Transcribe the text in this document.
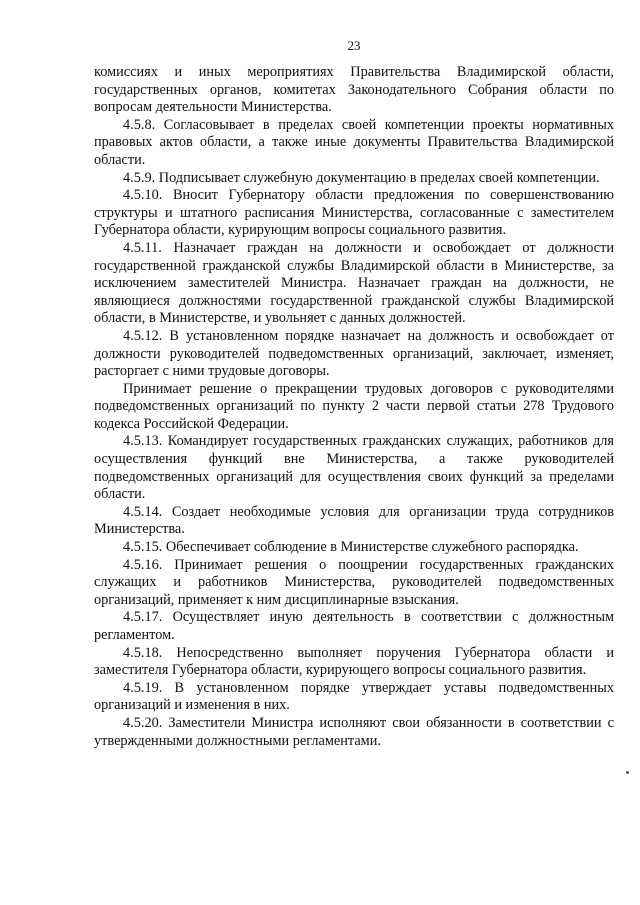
23

комиссиях и иных мероприятиях Правительства Владимирской области, государственных органов, комитетах Законодательного Собрания области по вопросам деятельности Министерства.

4.5.8. Согласовывает в пределах своей компетенции проекты нормативных правовых актов области, а также иные документы Правительства Владимирской области.

4.5.9. Подписывает служебную документацию в пределах своей компетенции.

4.5.10. Вносит Губернатору области предложения по совершенствованию структуры и штатного расписания Министерства, согласованные с заместителем Губернатора области, курирующим вопросы социального развития.

4.5.11. Назначает граждан на должности и освобождает от должности государственной гражданской службы Владимирской области в Министерстве, за исключением заместителей Министра. Назначает граждан на должности, не являющиеся должностями государственной гражданской службы Владимирской области, в Министерстве, и увольняет с данных должностей.

4.5.12. В установленном порядке назначает на должность и освобождает от должности руководителей подведомственных организаций, заключает, изменяет, расторгает с ними трудовые договоры.

Принимает решение о прекращении трудовых договоров с руководителями подведомственных организаций по пункту 2 части первой статьи 278 Трудового кодекса Российской Федерации.

4.5.13. Командирует государственных гражданских служащих, работников для осуществления функций вне Министерства, а также руководителей подведомственных организаций для осуществления своих функций за пределами области.

4.5.14. Создает необходимые условия для организации труда сотрудников Министерства.

4.5.15. Обеспечивает соблюдение в Министерстве служебного распорядка.

4.5.16. Принимает решения о поощрении государственных гражданских служащих и работников Министерства, руководителей подведомственных организаций, применяет к ним дисциплинарные взыскания.

4.5.17. Осуществляет иную деятельность в соответствии с должностным регламентом.

4.5.18. Непосредственно выполняет поручения Губернатора области и заместителя Губернатора области, курирующего вопросы социального развития.

4.5.19. В установленном порядке утверждает уставы подведомственных организаций и изменения в них.

4.5.20. Заместители Министра исполняют свои обязанности в соответствии с утвержденными должностными регламентами.
